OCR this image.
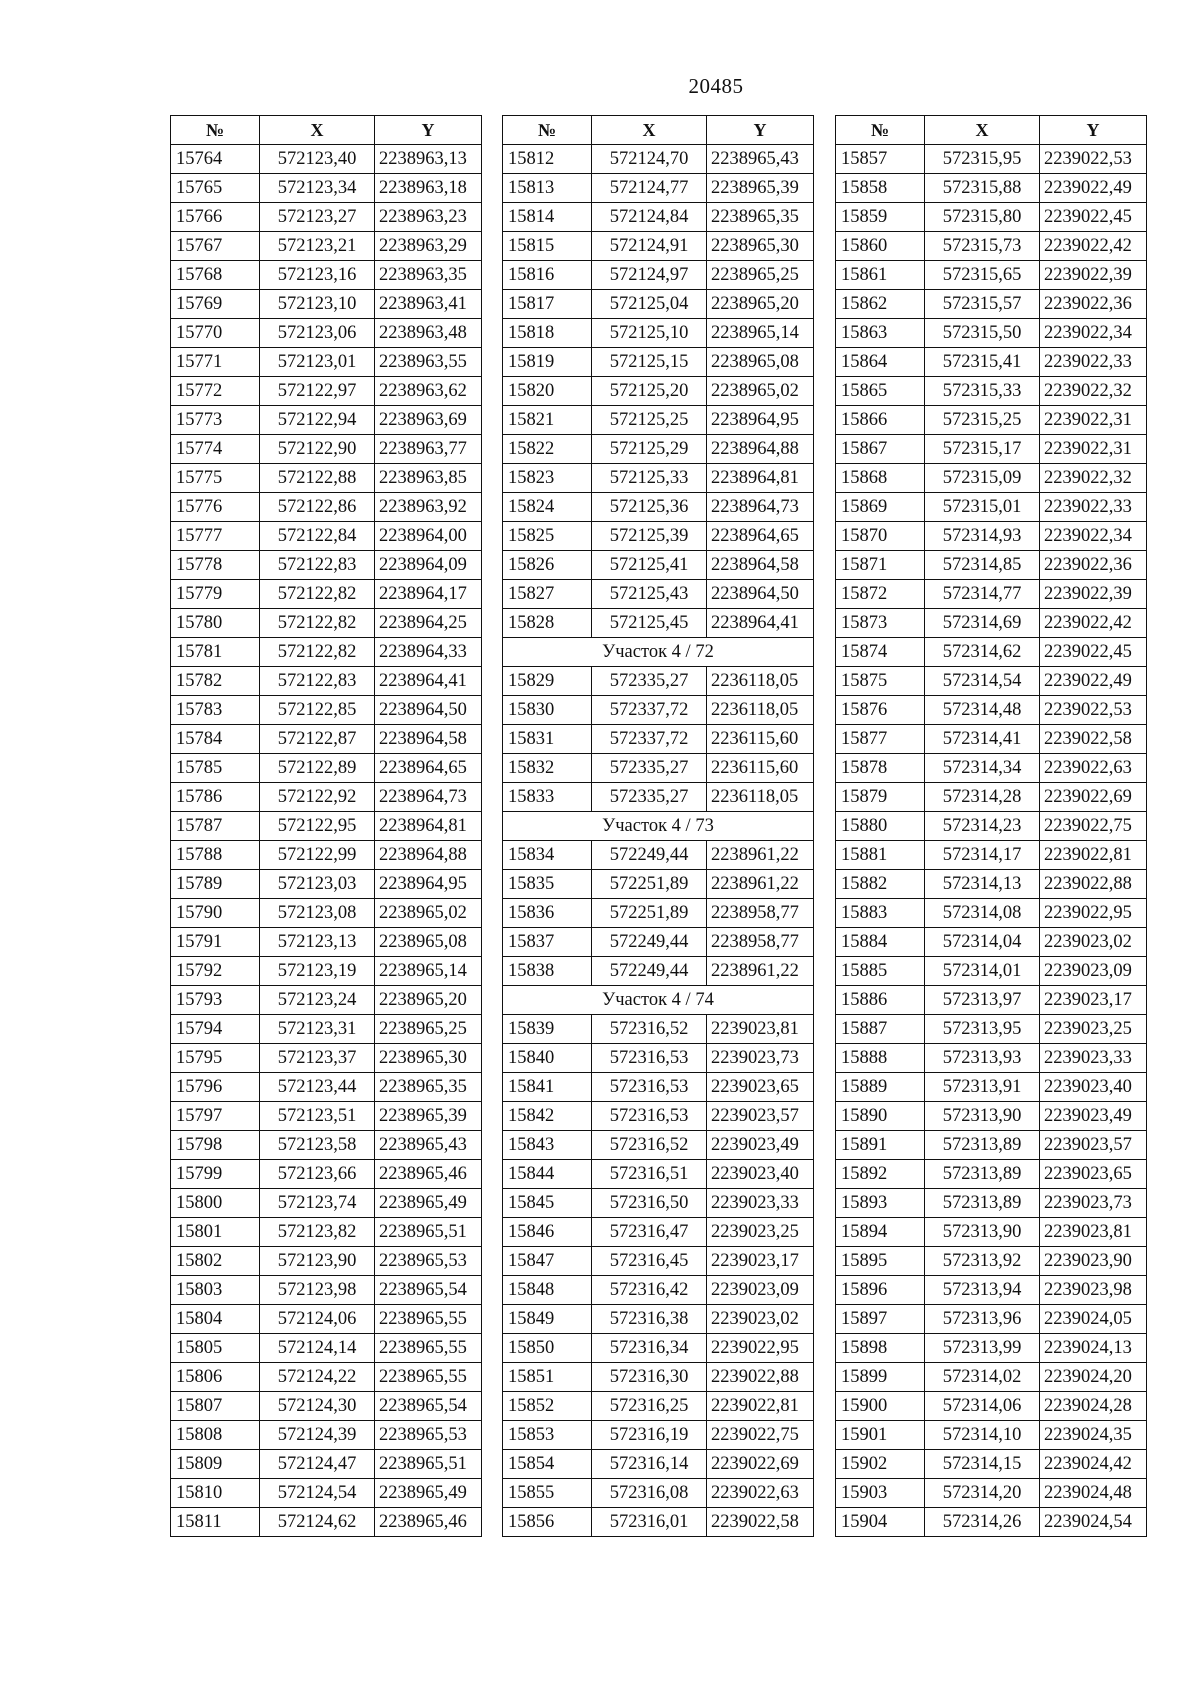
20485
№	X	Y
15764	572123,40	2238963,13
15765	572123,34	2238963,18
15766	572123,27	2238963,23
15767	572123,21	2238963,29
15768	572123,16	2238963,35
15769	572123,10	2238963,41
15770	572123,06	2238963,48
15771	572123,01	2238963,55
15772	572122,97	2238963,62
15773	572122,94	2238963,69
15774	572122,90	2238963,77
15775	572122,88	2238963,85
15776	572122,86	2238963,92
15777	572122,84	2238964,00
15778	572122,83	2238964,09
15779	572122,82	2238964,17
15780	572122,82	2238964,25
15781	572122,82	2238964,33
15782	572122,83	2238964,41
15783	572122,85	2238964,50
15784	572122,87	2238964,58
15785	572122,89	2238964,65
15786	572122,92	2238964,73
15787	572122,95	2238964,81
15788	572122,99	2238964,88
15789	572123,03	2238964,95
15790	572123,08	2238965,02
15791	572123,13	2238965,08
15792	572123,19	2238965,14
15793	572123,24	2238965,20
15794	572123,31	2238965,25
15795	572123,37	2238965,30
15796	572123,44	2238965,35
15797	572123,51	2238965,39
15798	572123,58	2238965,43
15799	572123,66	2238965,46
15800	572123,74	2238965,49
15801	572123,82	2238965,51
15802	572123,90	2238965,53
15803	572123,98	2238965,54
15804	572124,06	2238965,55
15805	572124,14	2238965,55
15806	572124,22	2238965,55
15807	572124,30	2238965,54
15808	572124,39	2238965,53
15809	572124,47	2238965,51
15810	572124,54	2238965,49
15811	572124,62	2238965,46
№	X	Y
15812	572124,70	2238965,43
15813	572124,77	2238965,39
15814	572124,84	2238965,35
15815	572124,91	2238965,30
15816	572124,97	2238965,25
15817	572125,04	2238965,20
15818	572125,10	2238965,14
15819	572125,15	2238965,08
15820	572125,20	2238965,02
15821	572125,25	2238964,95
15822	572125,29	2238964,88
15823	572125,33	2238964,81
15824	572125,36	2238964,73
15825	572125,39	2238964,65
15826	572125,41	2238964,58
15827	572125,43	2238964,50
15828	572125,45	2238964,41
Участок 4 / 72		
15829	572335,27	2236118,05
15830	572337,72	2236118,05
15831	572337,72	2236115,60
15832	572335,27	2236115,60
15833	572335,27	2236118,05
Участок 4 / 73		
15834	572249,44	2238961,22
15835	572251,89	2238961,22
15836	572251,89	2238958,77
15837	572249,44	2238958,77
15838	572249,44	2238961,22
Участок 4 / 74		
15839	572316,52	2239023,81
15840	572316,53	2239023,73
15841	572316,53	2239023,65
15842	572316,53	2239023,57
15843	572316,52	2239023,49
15844	572316,51	2239023,40
15845	572316,50	2239023,33
15846	572316,47	2239023,25
15847	572316,45	2239023,17
15848	572316,42	2239023,09
15849	572316,38	2239023,02
15850	572316,34	2239022,95
15851	572316,30	2239022,88
15852	572316,25	2239022,81
15853	572316,19	2239022,75
15854	572316,14	2239022,69
15855	572316,08	2239022,63
15856	572316,01	2239022,58
№	X	Y
15857	572315,95	2239022,53
15858	572315,88	2239022,49
15859	572315,80	2239022,45
15860	572315,73	2239022,42
15861	572315,65	2239022,39
15862	572315,57	2239022,36
15863	572315,50	2239022,34
15864	572315,41	2239022,33
15865	572315,33	2239022,32
15866	572315,25	2239022,31
15867	572315,17	2239022,31
15868	572315,09	2239022,32
15869	572315,01	2239022,33
15870	572314,93	2239022,34
15871	572314,85	2239022,36
15872	572314,77	2239022,39
15873	572314,69	2239022,42
15874	572314,62	2239022,45
15875	572314,54	2239022,49
15876	572314,48	2239022,53
15877	572314,41	2239022,58
15878	572314,34	2239022,63
15879	572314,28	2239022,69
15880	572314,23	2239022,75
15881	572314,17	2239022,81
15882	572314,13	2239022,88
15883	572314,08	2239022,95
15884	572314,04	2239023,02
15885	572314,01	2239023,09
15886	572313,97	2239023,17
15887	572313,95	2239023,25
15888	572313,93	2239023,33
15889	572313,91	2239023,40
15890	572313,90	2239023,49
15891	572313,89	2239023,57
15892	572313,89	2239023,65
15893	572313,89	2239023,73
15894	572313,90	2239023,81
15895	572313,92	2239023,90
15896	572313,94	2239023,98
15897	572313,96	2239024,05
15898	572313,99	2239024,13
15899	572314,02	2239024,20
15900	572314,06	2239024,28
15901	572314,10	2239024,35
15902	572314,15	2239024,42
15903	572314,20	2239024,48
15904	572314,26	2239024,54
